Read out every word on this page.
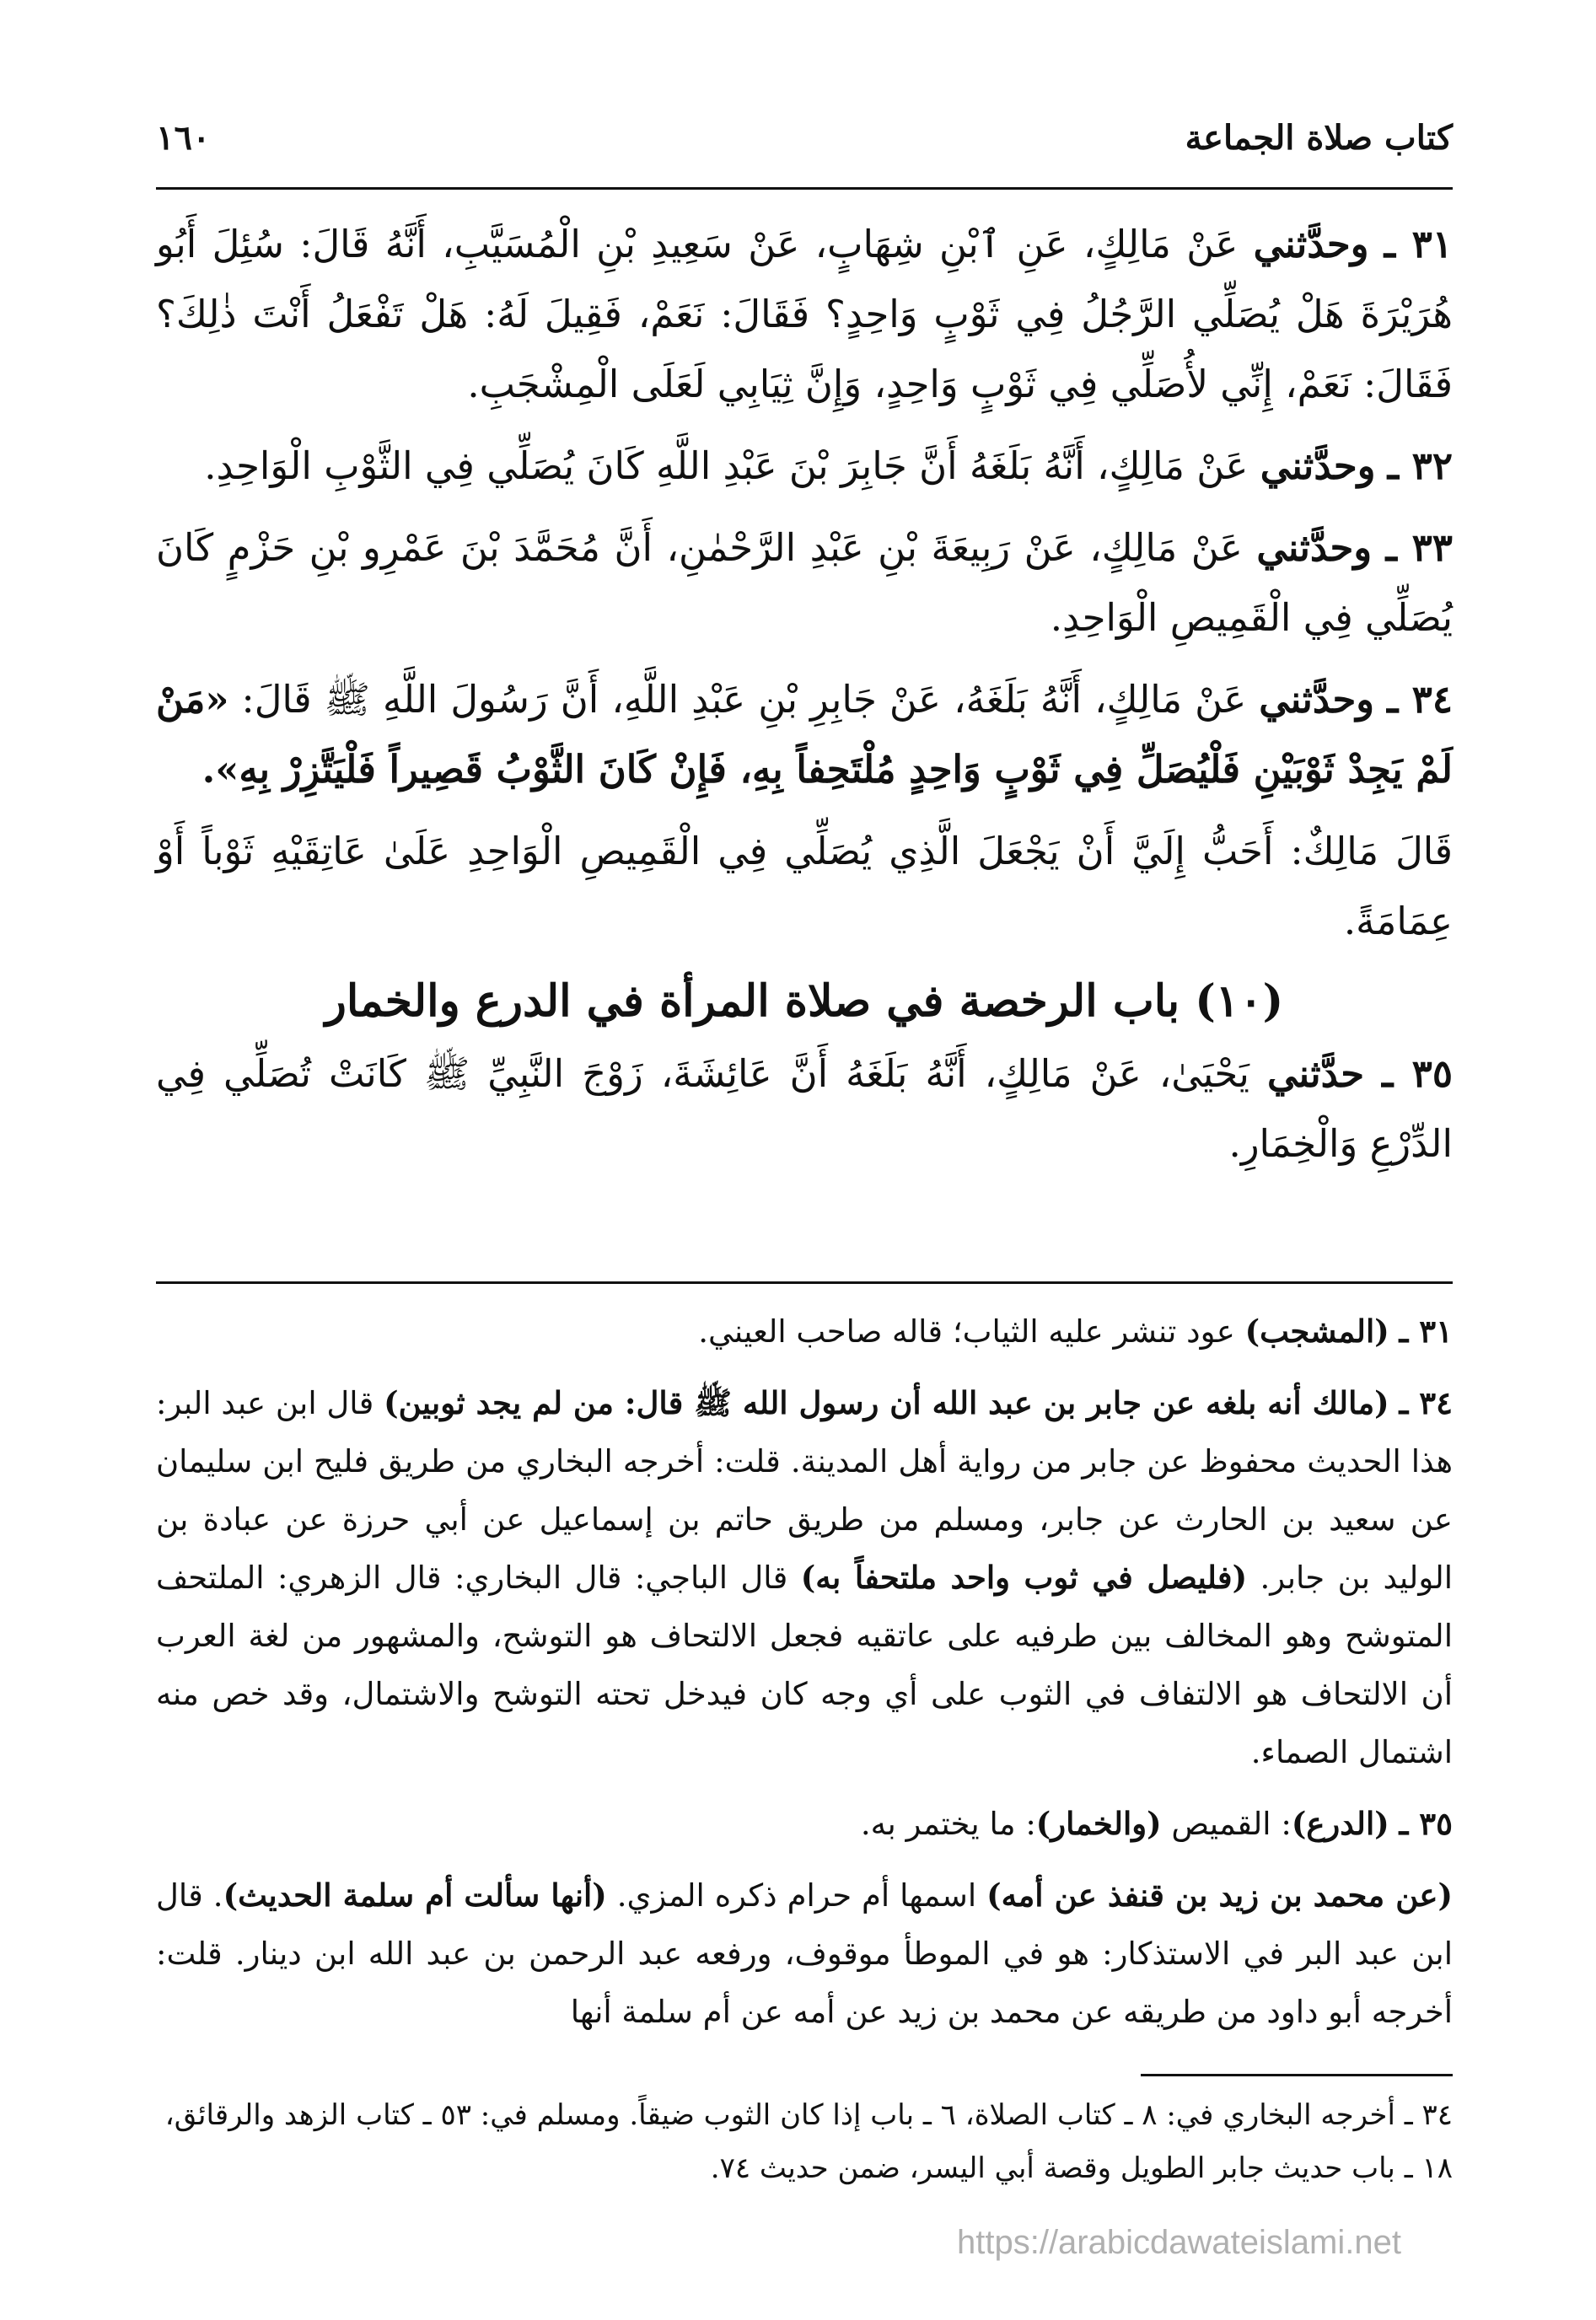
كتاب صلاة الجماعة
١٦٠

٣١ ـ وحدَّثني عَنْ مَالِكٍ، عَنِ ٱبْنِ شِهَابٍ، عَنْ سَعِيدِ بْنِ الْمُسَيَّبِ، أَنَّهُ قَالَ: سُئِلَ أَبُو هُرَيْرَةَ هَلْ يُصَلِّي الرَّجُلُ فِي ثَوْبٍ وَاحِدٍ؟ فَقَالَ: نَعَمْ، فَقِيلَ لَهُ: هَلْ تَفْعَلُ أَنْتَ ذٰلِكَ؟ فَقَالَ: نَعَمْ، إِنِّي لأُصَلِّي فِي ثَوْبٍ وَاحِدٍ، وَإِنَّ ثِيَابِي لَعَلَى الْمِشْجَبِ.

٣٢ ـ وحدَّثني عَنْ مَالِكٍ، أَنَّهُ بَلَغَهُ أَنَّ جَابِرَ بْنَ عَبْدِ اللَّهِ كَانَ يُصَلِّي فِي الثَّوْبِ الْوَاحِدِ.

٣٣ ـ وحدَّثني عَنْ مَالِكٍ، عَنْ رَبِيعَةَ بْنِ عَبْدِ الرَّحْمٰنِ، أَنَّ مُحَمَّدَ بْنَ عَمْرِو بْنِ حَزْمٍ كَانَ يُصَلِّي فِي الْقَمِيصِ الْوَاحِدِ.

٣٤ ـ وحدَّثني عَنْ مَالِكٍ، أَنَّهُ بَلَغَهُ، عَنْ جَابِرِ بْنِ عَبْدِ اللَّهِ، أَنَّ رَسُولَ اللَّهِ ﷺ قَالَ: «مَنْ لَمْ يَجِدْ ثَوْبَيْنِ فَلْيُصَلِّ فِي ثَوْبٍ وَاحِدٍ مُلْتَحِفاً بِهِ، فَإِنْ كَانَ الثَّوْبُ قَصِيراً فَلْيَتَّزِرْ بِهِ».

قَالَ مَالِكٌ: أَحَبُّ إِلَيَّ أَنْ يَجْعَلَ الَّذِي يُصَلِّي فِي الْقَمِيصِ الْوَاحِدِ عَلَىٰ عَاتِقَيْهِ ثَوْباً أَوْ عِمَامَةً.

(١٠) باب الرخصة في صلاة المرأة في الدرع والخمار

٣٥ ـ حدَّثني يَحْيَىٰ، عَنْ مَالِكٍ، أَنَّهُ بَلَغَهُ أَنَّ عَائِشَةَ، زَوْجَ النَّبِيِّ ﷺ كَانَتْ تُصَلِّي فِي الدِّرْعِ وَالْخِمَارِ.

٣١ ـ (المشجب) عود تنشر عليه الثياب؛ قاله صاحب العيني.

٣٤ ـ (مالك أنه بلغه عن جابر بن عبد الله أن رسول الله ﷺ قال: من لم يجد ثوبين) قال ابن عبد البر: هذا الحديث محفوظ عن جابر من رواية أهل المدينة. قلت: أخرجه البخاري من طريق فليح ابن سليمان عن سعيد بن الحارث عن جابر، ومسلم من طريق حاتم بن إسماعيل عن أبي حرزة عن عبادة بن الوليد بن جابر. (فليصل في ثوب واحد ملتحفاً به) قال الباجي: قال البخاري: قال الزهري: الملتحف المتوشح وهو المخالف بين طرفيه على عاتقيه فجعل الالتحاف هو التوشح، والمشهور من لغة العرب أن الالتحاف هو الالتفاف في الثوب على أي وجه كان فيدخل تحته التوشح والاشتمال، وقد خص منه اشتمال الصماء.

٣٥ ـ (الدرع): القميص (والخمار): ما يختمر به.

(عن محمد بن زيد بن قنفذ عن أمه) اسمها أم حرام ذكره المزي. (أنها سألت أم سلمة الحديث). قال ابن عبد البر في الاستذكار: هو في الموطأ موقوف، ورفعه عبد الرحمن بن عبد الله ابن دينار. قلت: أخرجه أبو داود من طريقه عن محمد بن زيد عن أمه عن أم سلمة أنها

٣٤ ـ أخرجه البخاري في: ٨ ـ كتاب الصلاة، ٦ ـ باب إذا كان الثوب ضيقاً. ومسلم في: ٥٣ ـ كتاب الزهد والرقائق، ١٨ ـ باب حديث جابر الطويل وقصة أبي اليسر، ضمن حديث ٧٤.
https://arabicdawateislami.net
